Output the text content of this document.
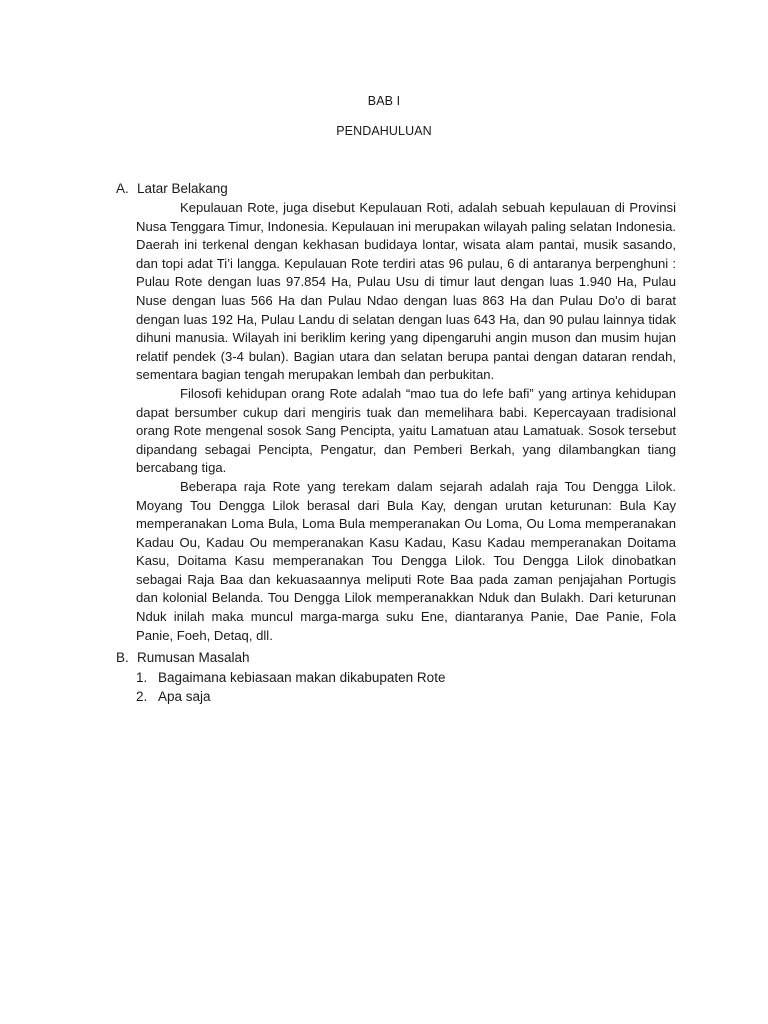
BAB I
PENDAHULUAN
A. Latar Belakang

Kepulauan Rote, juga disebut Kepulauan Roti, adalah sebuah kepulauan di Provinsi Nusa Tenggara Timur, Indonesia. Kepulauan ini merupakan wilayah paling selatan Indonesia. Daerah ini terkenal dengan kekhasan budidaya lontar, wisata alam pantai, musik sasando, dan topi adat Ti’i langga. Kepulauan Rote terdiri atas 96 pulau, 6 di antaranya berpenghuni : Pulau Rote dengan luas 97.854 Ha, Pulau Usu di timur laut dengan luas 1.940 Ha, Pulau Nuse dengan luas 566 Ha dan Pulau Ndao dengan luas 863 Ha dan Pulau Do'o di barat dengan luas 192 Ha, Pulau Landu di selatan dengan luas 643 Ha, dan 90 pulau lainnya tidak dihuni manusia. Wilayah ini beriklim kering yang dipengaruhi angin muson dan musim hujan relatif pendek (3-4 bulan). Bagian utara dan selatan berupa pantai dengan dataran rendah, sementara bagian tengah merupakan lembah dan perbukitan.

Filosofi kehidupan orang Rote adalah “mao tua do lefe bafi” yang artinya kehidupan dapat bersumber cukup dari mengiris tuak dan memelihara babi. Kepercayaan tradisional orang Rote mengenal sosok Sang Pencipta, yaitu Lamatuan atau Lamatuak. Sosok tersebut dipandang sebagai Pencipta, Pengatur, dan Pemberi Berkah, yang dilambangkan tiang bercabang tiga.

Beberapa raja Rote yang terekam dalam sejarah adalah raja Tou Dengga Lilok. Moyang Tou Dengga Lilok berasal dari Bula Kay, dengan urutan keturunan: Bula Kay memperanakan Loma Bula, Loma Bula memperanakan Ou Loma, Ou Loma memperanakan Kadau Ou, Kadau Ou memperanakan Kasu Kadau, Kasu Kadau memperanakan Doitama Kasu, Doitama Kasu memperanakan Tou Dengga Lilok. Tou Dengga Lilok dinobatkan sebagai Raja Baa dan kekuasaannya meliputi Rote Baa pada zaman penjajahan Portugis dan kolonial Belanda. Tou Dengga Lilok memperanakkan Nduk dan Bulakh. Dari keturunan Nduk inilah maka muncul marga-marga suku Ene, diantaranya Panie, Dae Panie, Fola Panie, Foeh, Detaq, dll.

B. Rumusan Masalah
1. Bagaimana kebiasaan makan dikabupaten Rote
2. Apa saja
